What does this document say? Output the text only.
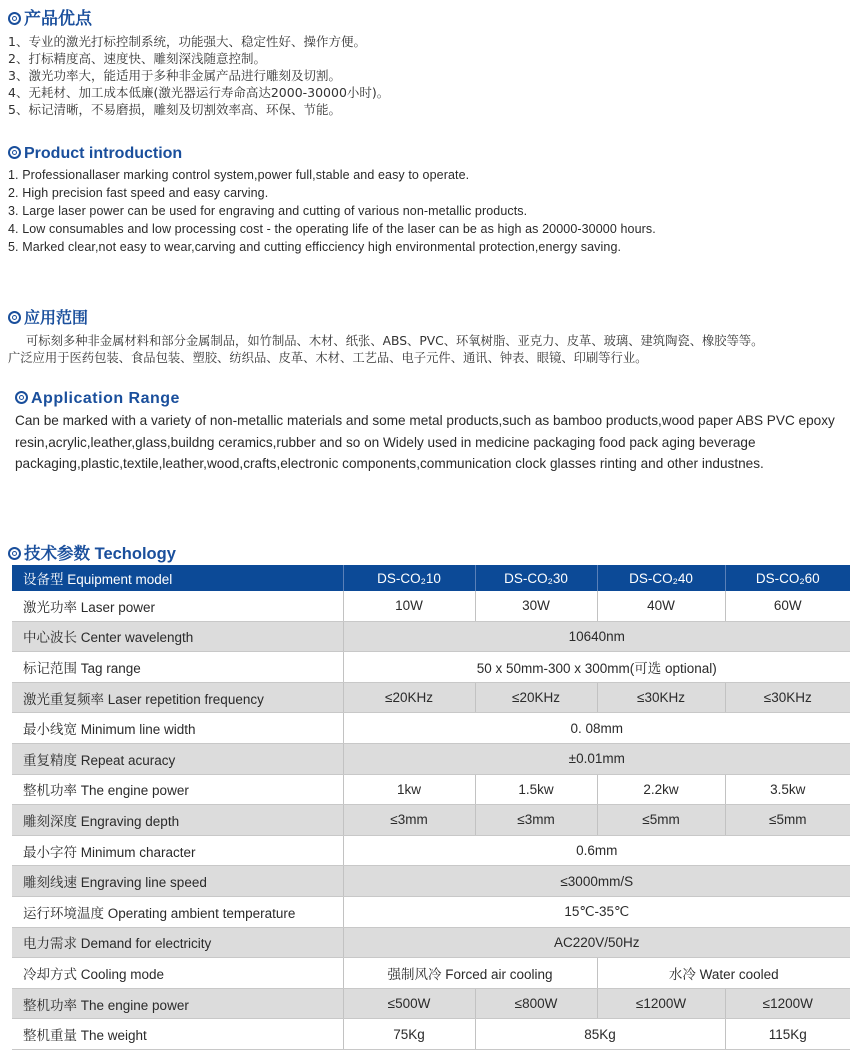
产品优点
1、专业的激光打标控制系统，功能强大、稳定性好、操作方便。
2、打标精度高、速度快、雕刻深浅随意控制。
3、激光功率大，能适用于多种非金属产品进行雕刻及切割。
4、无耗材、加工成本低廉(激光器运行寿命高达2000-30000小时)。
5、标记清晰，不易磨损，雕刻及切割效率高、环保、节能。
Product introduction
1. Professionallaser marking control system,power full,stable and easy to operate.
2. High precision fast speed and easy carving.
3. Large laser power can be used for engraving and cutting of various non-metallic products.
4. Low consumables and low processing cost - the operating life of the laser can be as high as 20000-30000 hours.
5. Marked clear,not easy to wear,carving and cutting efficciency high environmental protection,energy saving.
应用范围
可标刻多种非金属材料和部分金属制品，如竹制品、木材、纸张、ABS、PVC、环氧树脂、亚克力、皮革、玻璃、建筑陶瓷、橡胶等等。
广泛应用于医药包装、食品包装、塑胶、纺织品、皮革、木材、工艺品、电子元件、通讯、钟表、眼镜、印刷等行业。
Application Range
Can be marked with a variety of non-metallic materials and some metal products,such as bamboo products,wood paper ABS PVC epoxy resin,acrylic,leather,glass,buildng ceramics,rubber and so on Widely used in medicine packaging food pack aging beverage packaging,plastic,textile,leather,wood,crafts,electronic components,communication clock glasses rinting and other industnes.
技术参数 Techology
设备型 Equipment model	DS-CO₂10	DS-CO₂30	DS-CO₂40	DS-CO₂60
激光功率 Laser power	10W	30W	40W	60W
中心波长 Center wavelength	10640nm			
标记范围 Tag range	50 x 50mm-300 x 300mm(可选 optional)			
激光重复频率 Laser repetition frequency	≤20KHz	≤20KHz	≤30KHz	≤30KHz
最小线宽 Minimum line width	0. 08mm			
重复精度 Repeat acuracy	±0.01mm			
整机功率 The engine power	1kw	1.5kw	2.2kw	3.5kw
雕刻深度 Engraving depth	≤3mm	≤3mm	≤5mm	≤5mm
最小字符 Minimum character	0.6mm			
雕刻线速 Engraving line speed	≤3000mm/S			
运行环境温度 Operating ambient temperature	15℃-35℃			
电力需求 Demand for electricity	AC220V/50Hz			
冷却方式 Cooling mode	强制风冷 Forced air cooling		水冷 Water cooled	
整机功率 The engine power	≤500W	≤800W	≤1200W	≤1200W
整机重量 The weight	75Kg	85Kg		115Kg
